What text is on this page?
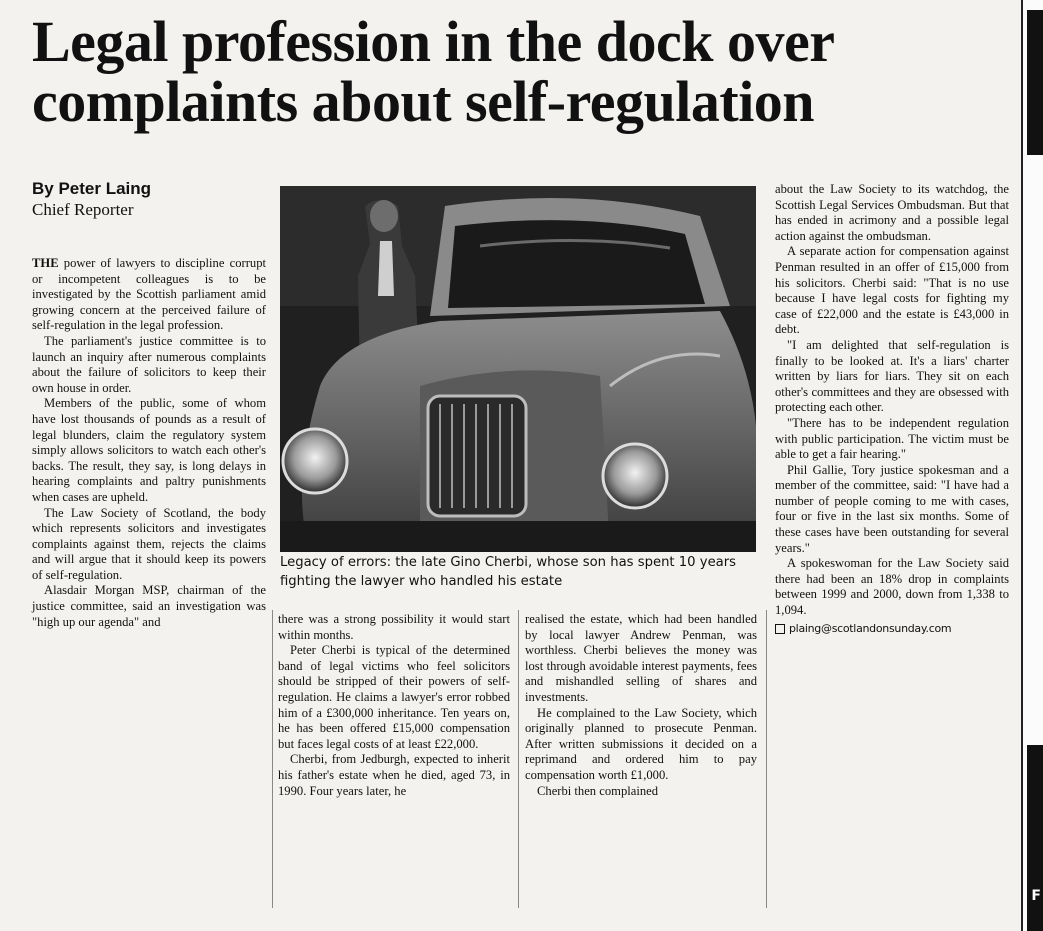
F
Legal profession in the dock over complaints about self-regulation
By Peter Laing
Chief Reporter

THE power of lawyers to discipline corrupt or incompetent colleagues is to be investigated by the Scottish parliament amid growing concern at the perceived failure of self-regulation in the legal profession.

The parliament's justice committee is to launch an inquiry after numerous complaints about the failure of solicitors to keep their own house in order.

Members of the public, some of whom have lost thousands of pounds as a result of legal blunders, claim the regulatory system simply allows solicitors to watch each other's backs. The result, they say, is long delays in hearing complaints and paltry punishments when cases are upheld.

The Law Society of Scotland, the body which represents solicitors and investigates complaints against them, rejects the claims and will argue that it should keep its powers of self-regulation.

Alasdair Morgan MSP, chairman of the justice committee, said an investigation was "high up our agenda" and

Legacy of errors: the late Gino Cherbi, whose son has spent 10 years fighting the lawyer who handled his estate

there was a strong possibility it would start within months.

Peter Cherbi is typical of the determined band of legal victims who feel solicitors should be stripped of their powers of self-regulation. He claims a lawyer's error robbed him of a £300,000 inheritance. Ten years on, he has been offered £15,000 compensation but faces legal costs of at least £22,000.

Cherbi, from Jedburgh, expected to inherit his father's estate when he died, aged 73, in 1990. Four years later, he

realised the estate, which had been handled by local lawyer Andrew Penman, was worthless. Cherbi believes the money was lost through avoidable interest payments, fees and mishandled selling of shares and investments.

He complained to the Law Society, which originally planned to prosecute Penman. After written submissions it decided on a reprimand and ordered him to pay compensation worth £1,000.

Cherbi then complained

about the Law Society to its watchdog, the Scottish Legal Services Ombudsman. But that has ended in acrimony and a possible legal action against the ombudsman.

A separate action for compensation against Penman resulted in an offer of £15,000 from his solicitors. Cherbi said: "That is no use because I have legal costs for fighting my case of £22,000 and the estate is £43,000 in debt.

"I am delighted that self-regulation is finally to be looked at. It's a liars' charter written by liars for liars. They sit on each other's committees and they are obsessed with protecting each other.

"There has to be independent regulation with public participation. The victim must be able to get a fair hearing."

Phil Gallie, Tory justice spokesman and a member of the committee, said: "I have had a number of people coming to me with cases, four or five in the last six months. Some of these cases have been outstanding for several years."

A spokeswoman for the Law Society said there had been an 18% drop in complaints between 1999 and 2000, down from 1,338 to 1,094.

plaing@scotlandonsunday.com
